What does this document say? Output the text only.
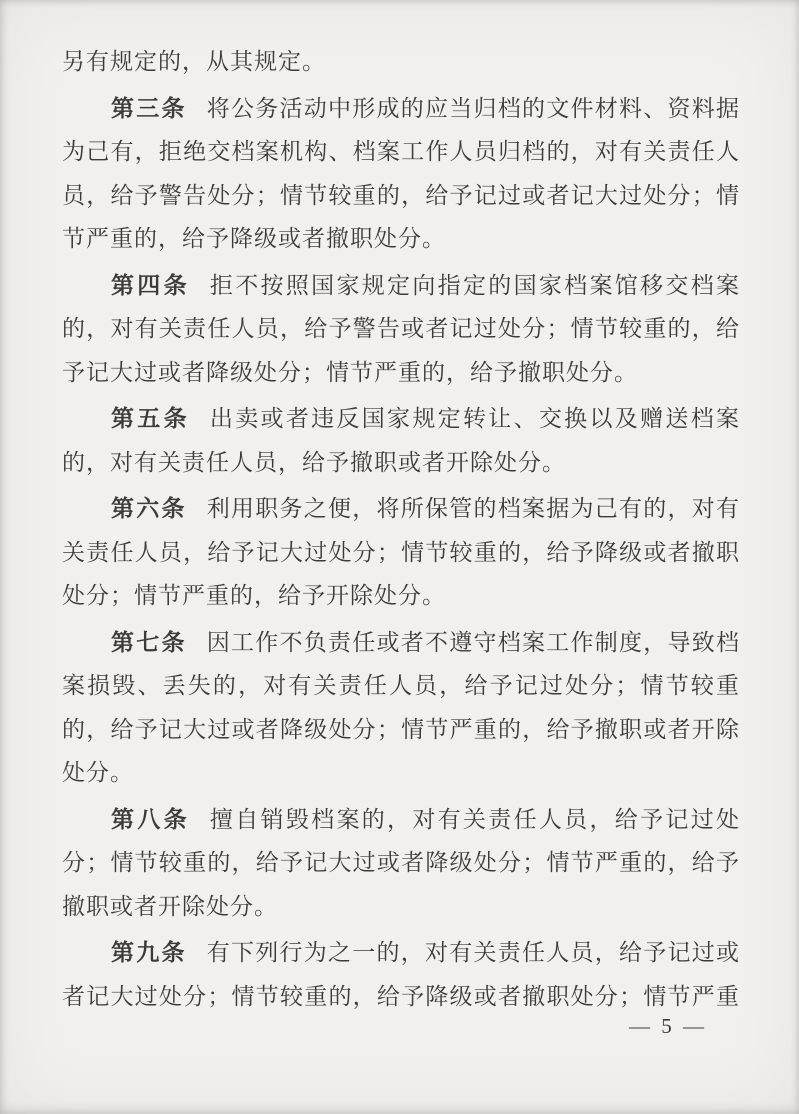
另有规定的，从其规定。
第三条 将公务活动中形成的应当归档的文件材料、资料据
为己有，拒绝交档案机构、档案工作人员归档的，对有关责任人
员，给予警告处分；情节较重的，给予记过或者记大过处分；情
节严重的，给予降级或者撤职处分。
第四条 拒不按照国家规定向指定的国家档案馆移交档案
的，对有关责任人员，给予警告或者记过处分；情节较重的，给
予记大过或者降级处分；情节严重的，给予撤职处分。
第五条 出卖或者违反国家规定转让、交换以及赠送档案
的，对有关责任人员，给予撤职或者开除处分。
第六条 利用职务之便，将所保管的档案据为己有的，对有
关责任人员，给予记大过处分；情节较重的，给予降级或者撤职
处分；情节严重的，给予开除处分。
第七条 因工作不负责任或者不遵守档案工作制度，导致档
案损毁、丢失的，对有关责任人员，给予记过处分；情节较重
的，给予记大过或者降级处分；情节严重的，给予撤职或者开除
处分。
第八条 擅自销毁档案的，对有关责任人员，给予记过处
分；情节较重的，给予记大过或者降级处分；情节严重的，给予
撤职或者开除处分。
第九条 有下列行为之一的，对有关责任人员，给予记过或
者记大过处分；情节较重的，给予降级或者撤职处分；情节严重
— 5 —
